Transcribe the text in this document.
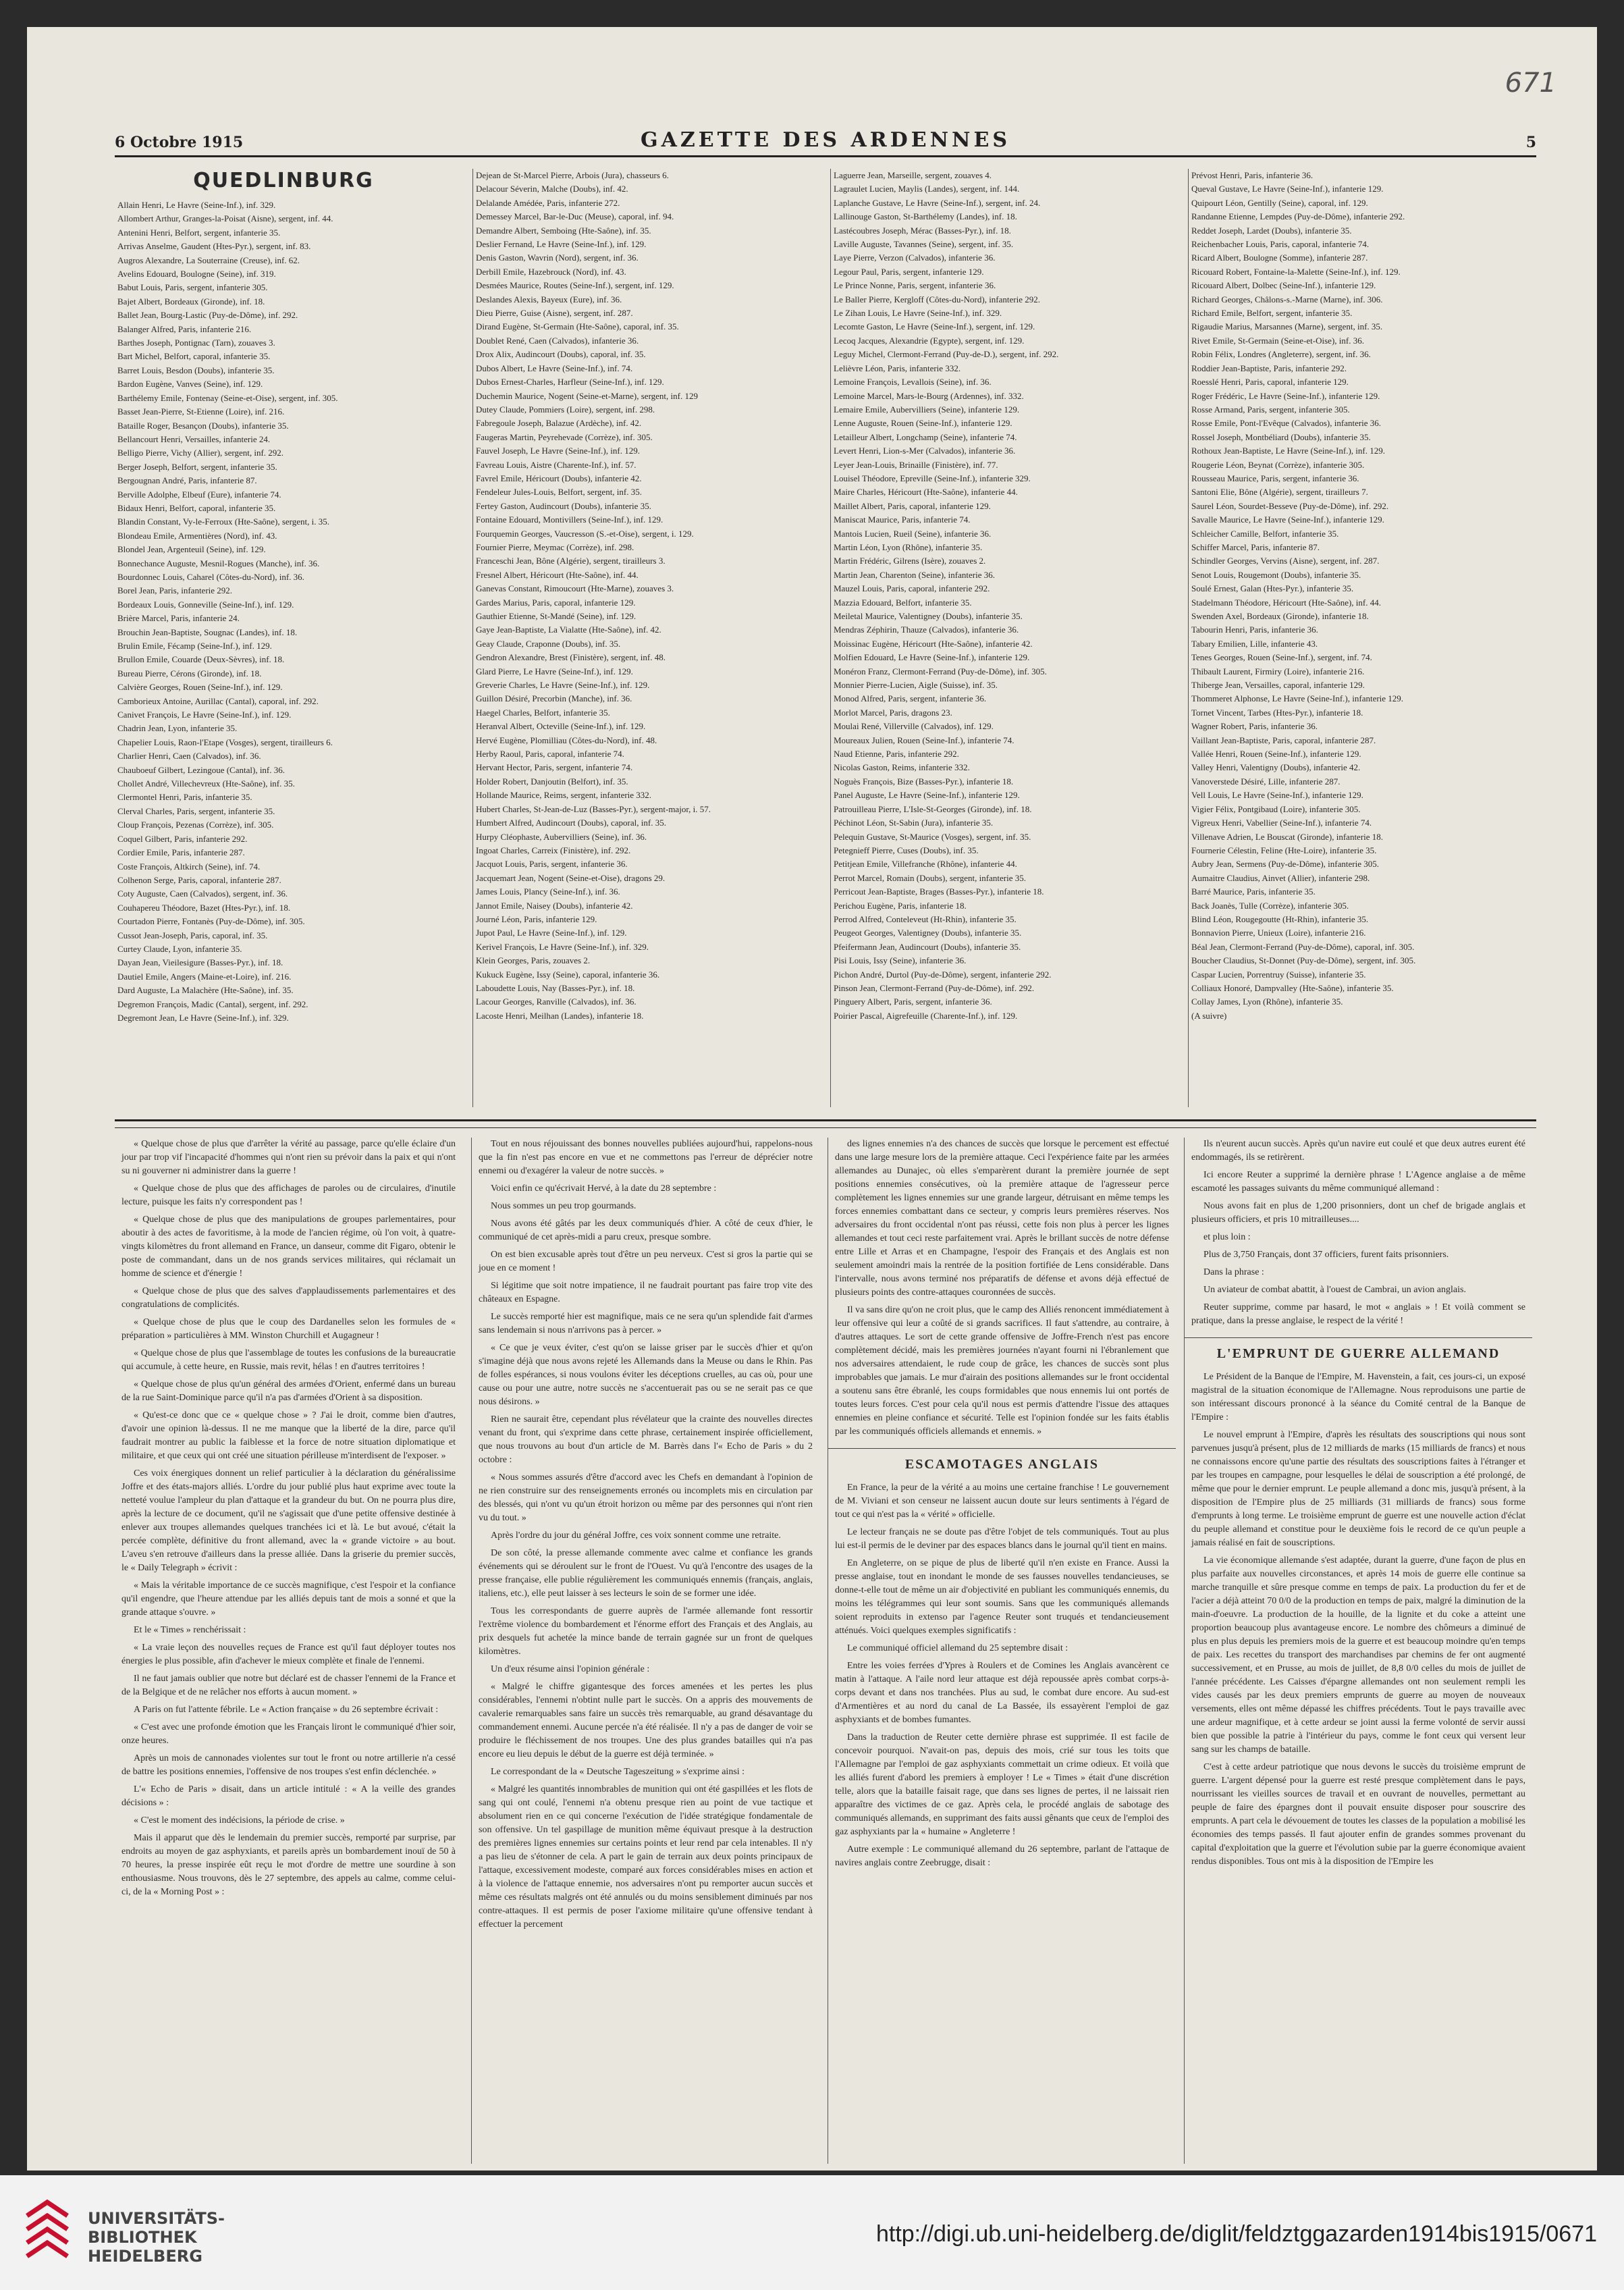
671
6 Octobre 1915	GAZETTE DES ARDENNES	5
QUEDLINBURG
Allain Henri, Le Havre (Seine-Inf.), inf. 329.
Allombert Arthur, Granges-la-Poisat (Aisne), sergent, inf. 44.
Antenini Henri, Belfort, sergent, infanterie 35.
Arrivas Anselme, Gaudent (Htes-Pyr.), sergent, inf. 83.
Augros Alexandre, La Souterraine (Creuse), inf. 62.
Avelins Edouard, Boulogne (Seine), inf. 319.
Babut Louis, Paris, sergent, infanterie 305.
Bajet Albert, Bordeaux (Gironde), inf. 18.
Ballet Jean, Bourg-Lastic (Puy-de-Dôme), inf. 292.
Balanger Alfred, Paris, infanterie 216.
Barthes Joseph, Pontignac (Tarn), zouaves 3.
Bart Michel, Belfort, caporal, infanterie 35.
Barret Louis, Besdon (Doubs), infanterie 35.
Bardon Eugène, Vanves (Seine), inf. 129.
Barthélemy Emile, Fontenay (Seine-et-Oise), sergent, inf. 305.
Basset Jean-Pierre, St-Etienne (Loire), inf. 216.
Bataille Roger, Besançon (Doubs), infanterie 35.
Bellancourt Henri, Versailles, infanterie 24.
Belligo Pierre, Vichy (Allier), sergent, inf. 292.
Berger Joseph, Belfort, sergent, infanterie 35.
Bergougnan André, Paris, infanterie 87.
Berville Adolphe, Elbeuf (Eure), infanterie 74.
Bidaux Henri, Belfort, caporal, infanterie 35.
Blandin Constant, Vy-le-Ferroux (Hte-Saône), sergent, i. 35.
Blondeau Emile, Armentières (Nord), inf. 43.
Blondel Jean, Argenteuil (Seine), inf. 129.
Bonnechance Auguste, Mesnil-Rogues (Manche), inf. 36.
Bourdonnec Louis, Caharel (Côtes-du-Nord), inf. 36.
Borel Jean, Paris, infanterie 292.
Bordeaux Louis, Gonneville (Seine-Inf.), inf. 129.
Brière Marcel, Paris, infanterie 24.
Brouchin Jean-Baptiste, Sougnac (Landes), inf. 18.
Brulin Emile, Fécamp (Seine-Inf.), inf. 129.
Brullon Emile, Couarde (Deux-Sèvres), inf. 18.
Bureau Pierre, Cérons (Gironde), inf. 18.
Calvière Georges, Rouen (Seine-Inf.), inf. 129.
Camborieux Antoine, Aurillac (Cantal), caporal, inf. 292.
Canivet François, Le Havre (Seine-Inf.), inf. 129.
Chadrin Jean, Lyon, infanterie 35.
Chapelier Louis, Raon-l'Etape (Vosges), sergent, tirailleurs 6.
Charlier Henri, Caen (Calvados), inf. 36.
Chauboeuf Gilbert, Lezingoue (Cantal), inf. 36.
Chollet André, Villechevreux (Hte-Saône), inf. 35.
Clermontel Henri, Paris, infanterie 35.
Clerval Charles, Paris, sergent, infanterie 35.
Cloup François, Pezenas (Corrèze), inf. 305.
Coquel Gilbert, Paris, infanterie 292.
Cordier Emile, Paris, infanterie 287.
Coste François, Altkirch (Seine), inf. 74.
Colhenon Serge, Paris, caporal, infanterie 287.
Coty Auguste, Caen (Calvados), sergent, inf. 36.
Couhapereu Théodore, Bazet (Htes-Pyr.), inf. 18.
Courtadon Pierre, Fontanès (Puy-de-Dôme), inf. 305.
Cussot Jean-Joseph, Paris, caporal, inf. 35.
Curtey Claude, Lyon, infanterie 35.
Dayan Jean, Vieilesigure (Basses-Pyr.), inf. 18.
Dautiel Emile, Angers (Maine-et-Loire), inf. 216.
Dard Auguste, La Malachère (Hte-Saône), inf. 35.
Degremon François, Madic (Cantal), sergent, inf. 292.
Degremont Jean, Le Havre (Seine-Inf.), inf. 329.
Dejean de St-Marcel Pierre, Arbois (Jura), chasseurs 6.
Delacour Séverin, Malche (Doubs), inf. 42.
Delalande Amédée, Paris, infanterie 272.
Demessey Marcel, Bar-le-Duc (Meuse), caporal, inf. 94.
Demandre Albert, Semboing (Hte-Saône), inf. 35.
Deslier Fernand, Le Havre (Seine-Inf.), inf. 129.
Denis Gaston, Wavrin (Nord), sergent, inf. 36.
Derbill Emile, Hazebrouck (Nord), inf. 43.
Desmées Maurice, Routes (Seine-Inf.), sergent, inf. 129.
Deslandes Alexis, Bayeux (Eure), inf. 36.
Dieu Pierre, Guise (Aisne), sergent, inf. 287.
Dirand Eugène, St-Germain (Hte-Saône), caporal, inf. 35.
Doublet René, Caen (Calvados), infanterie 36.
Drox Alix, Audincourt (Doubs), caporal, inf. 35.
Dubos Albert, Le Havre (Seine-Inf.), inf. 74.
Dubos Ernest-Charles, Harfleur (Seine-Inf.), inf. 129.
Duchemin Maurice, Nogent (Seine-et-Marne), sergent, inf. 129
Dutey Claude, Pommiers (Loire), sergent, inf. 298.
Fabregoule Joseph, Balazue (Ardèche), inf. 42.
Faugeras Martin, Peyrehevade (Corrèze), inf. 305.
Fauvel Joseph, Le Havre (Seine-Inf.), inf. 129.
Favreau Louis, Aistre (Charente-Inf.), inf. 57.
Favrel Emile, Héricourt (Doubs), infanterie 42.
Fendeleur Jules-Louis, Belfort, sergent, inf. 35.
Fertey Gaston, Audincourt (Doubs), infanterie 35.
Fontaine Edouard, Montivillers (Seine-Inf.), inf. 129.
Fourquemin Georges, Vaucresson (S.-et-Oise), sergent, i. 129.
Fournier Pierre, Meymac (Corrèze), inf. 298.
Franceschi Jean, Bône (Algérie), sergent, tirailleurs 3.
Fresnel Albert, Héricourt (Hte-Saône), inf. 44.
Ganevas Constant, Rimoucourt (Hte-Marne), zouaves 3.
Gardes Marius, Paris, caporal, infanterie 129.
Gauthier Etienne, St-Mandé (Seine), inf. 129.
Gaye Jean-Baptiste, La Vialatte (Hte-Saône), inf. 42.
Geay Claude, Craponne (Doubs), inf. 35.
Gendron Alexandre, Brest (Finistère), sergent, inf. 48.
Glard Pierre, Le Havre (Seine-Inf.), inf. 129.
Greverie Charles, Le Havre (Seine-Inf.), inf. 129.
Guillon Désiré, Precorbin (Manche), inf. 36.
Haegel Charles, Belfort, infanterie 35.
Heranval Albert, Octeville (Seine-Inf.), inf. 129.
Hervé Eugène, Plomilliau (Côtes-du-Nord), inf. 48.
Herby Raoul, Paris, caporal, infanterie 74.
Hervant Hector, Paris, sergent, infanterie 74.
Holder Robert, Danjoutin (Belfort), inf. 35.
Hollande Maurice, Reims, sergent, infanterie 332.
Hubert Charles, St-Jean-de-Luz (Basses-Pyr.), sergent-major, i. 57.
Humbert Alfred, Audincourt (Doubs), caporal, inf. 35.
Hurpy Cléophaste, Aubervilliers (Seine), inf. 36.
Ingoat Charles, Carreix (Finistère), inf. 292.
Jacquot Louis, Paris, sergent, infanterie 36.
Jacquemart Jean, Nogent (Seine-et-Oise), dragons 29.
James Louis, Plancy (Seine-Inf.), inf. 36.
Jannot Emile, Naisey (Doubs), infanterie 42.
Journé Léon, Paris, infanterie 129.
Jupot Paul, Le Havre (Seine-Inf.), inf. 129.
Kerivel François, Le Havre (Seine-Inf.), inf. 329.
Klein Georges, Paris, zouaves 2.
Kukuck Eugène, Issy (Seine), caporal, infanterie 36.
Laboudette Louis, Nay (Basses-Pyr.), inf. 18.
Lacour Georges, Ranville (Calvados), inf. 36.
Lacoste Henri, Meilhan (Landes), infanterie 18.
Laguerre Jean, Marseille, sergent, zouaves 4.
Lagraulet Lucien, Maylis (Landes), sergent, inf. 144.
Laplanche Gustave, Le Havre (Seine-Inf.), sergent, inf. 24.
Lallinouge Gaston, St-Barthélemy (Landes), inf. 18.
Lastécoubres Joseph, Mérac (Basses-Pyr.), inf. 18.
Laville Auguste, Tavannes (Seine), sergent, inf. 35.
Laye Pierre, Verzon (Calvados), infanterie 36.
Legour Paul, Paris, sergent, infanterie 129.
Le Prince Nonne, Paris, sergent, infanterie 36.
Le Baller Pierre, Kergloff (Côtes-du-Nord), infanterie 292.
Le Zihan Louis, Le Havre (Seine-Inf.), inf. 329.
Lecomte Gaston, Le Havre (Seine-Inf.), sergent, inf. 129.
Lecoq Jacques, Alexandrie (Egypte), sergent, inf. 129.
Leguy Michel, Clermont-Ferrand (Puy-de-D.), sergent, inf. 292.
Lelièvre Léon, Paris, infanterie 332.
Lemoine François, Levallois (Seine), inf. 36.
Lemoine Marcel, Mars-le-Bourg (Ardennes), inf. 332.
Lemaire Emile, Aubervilliers (Seine), infanterie 129.
Lenne Auguste, Rouen (Seine-Inf.), infanterie 129.
Letailleur Albert, Longchamp (Seine), infanterie 74.
Levert Henri, Lion-s-Mer (Calvados), infanterie 36.
Leyer Jean-Louis, Brinaille (Finistère), inf. 77.
Louisel Théodore, Epreville (Seine-Inf.), infanterie 329.
Maire Charles, Héricourt (Hte-Saône), infanterie 44.
Maillet Albert, Paris, caporal, infanterie 129.
Maniscat Maurice, Paris, infanterie 74.
Mantois Lucien, Rueil (Seine), infanterie 36.
Martin Léon, Lyon (Rhône), infanterie 35.
Martin Frédéric, Gilrens (Isère), zouaves 2.
Martin Jean, Charenton (Seine), infanterie 36.
Mauzel Louis, Paris, caporal, infanterie 292.
Mazzia Edouard, Belfort, infanterie 35.
Meiletal Maurice, Valentigney (Doubs), infanterie 35.
Mendras Zéphirin, Thauze (Calvados), infanterie 36.
Moissinac Eugène, Héricourt (Hte-Saône), infanterie 42.
Molfien Edouard, Le Havre (Seine-Inf.), infanterie 129.
Monéron Franz, Clermont-Ferrand (Puy-de-Dôme), inf. 305.
Monnier Pierre-Lucien, Aigle (Suisse), inf. 35.
Monod Alfred, Paris, sergent, infanterie 36.
Morlot Marcel, Paris, dragons 23.
Moulai René, Villerville (Calvados), inf. 129.
Moureaux Julien, Rouen (Seine-Inf.), infanterie 74.
Naud Etienne, Paris, infanterie 292.
Nicolas Gaston, Reims, infanterie 332.
Noguès François, Bize (Basses-Pyr.), infanterie 18.
Panel Auguste, Le Havre (Seine-Inf.), infanterie 129.
Patrouilleau Pierre, L'Isle-St-Georges (Gironde), inf. 18.
Péchinot Léon, St-Sabin (Jura), infanterie 35.
Pelequin Gustave, St-Maurice (Vosges), sergent, inf. 35.
Petegnieff Pierre, Cuses (Doubs), inf. 35.
Petitjean Emile, Villefranche (Rhône), infanterie 44.
Perrot Marcel, Romain (Doubs), sergent, infanterie 35.
Perricout Jean-Baptiste, Brages (Basses-Pyr.), infanterie 18.
Perichou Eugène, Paris, infanterie 18.
Perrod Alfred, Conteleveut (Ht-Rhin), infanterie 35.
Peugeot Georges, Valentigney (Doubs), infanterie 35.
Pfeifermann Jean, Audincourt (Doubs), infanterie 35.
Pisi Louis, Issy (Seine), infanterie 36.
Pichon André, Durtol (Puy-de-Dôme), sergent, infanterie 292.
Pinson Jean, Clermont-Ferrand (Puy-de-Dôme), inf. 292.
Pinguery Albert, Paris, sergent, infanterie 36.
Poirier Pascal, Aigrefeuille (Charente-Inf.), inf. 129.
Prévost Henri, Paris, infanterie 36.
Queval Gustave, Le Havre (Seine-Inf.), infanterie 129.
Quipourt Léon, Gentilly (Seine), caporal, inf. 129.
Randanne Etienne, Lempdes (Puy-de-Dôme), infanterie 292.
Reddet Joseph, Lardet (Doubs), infanterie 35.
Reichenbacher Louis, Paris, caporal, infanterie 74.
Ricard Albert, Boulogne (Somme), infanterie 287.
Ricouard Robert, Fontaine-la-Malette (Seine-Inf.), inf. 129.
Ricouard Albert, Dolbec (Seine-Inf.), infanterie 129.
Richard Georges, Châlons-s.-Marne (Marne), inf. 306.
Richard Emile, Belfort, sergent, infanterie 35.
Rigaudie Marius, Marsannes (Marne), sergent, inf. 35.
Rivet Emile, St-Germain (Seine-et-Oise), inf. 36.
Robin Félix, Londres (Angleterre), sergent, inf. 36.
Roddier Jean-Baptiste, Paris, infanterie 292.
Roesslé Henri, Paris, caporal, infanterie 129.
Roger Frédéric, Le Havre (Seine-Inf.), infanterie 129.
Rosse Armand, Paris, sergent, infanterie 305.
Rosse Emile, Pont-l'Evêque (Calvados), infanterie 36.
Rossel Joseph, Montbéliard (Doubs), infanterie 35.
Rothoux Jean-Baptiste, Le Havre (Seine-Inf.), inf. 129.
Rougerie Léon, Beynat (Corrèze), infanterie 305.
Rousseau Maurice, Paris, sergent, infanterie 36.
Santoni Elie, Bône (Algérie), sergent, tirailleurs 7.
Saurel Léon, Sourdet-Besseve (Puy-de-Dôme), inf. 292.
Savalle Maurice, Le Havre (Seine-Inf.), infanterie 129.
Schleicher Camille, Belfort, infanterie 35.
Schiffer Marcel, Paris, infanterie 87.
Schindler Georges, Vervins (Aisne), sergent, inf. 287.
Senot Louis, Rougemont (Doubs), infanterie 35.
Soulé Ernest, Galan (Htes-Pyr.), infanterie 35.
Stadelmann Théodore, Héricourt (Hte-Saône), inf. 44.
Swenden Axel, Bordeaux (Gironde), infanterie 18.
Tabourin Henri, Paris, infanterie 36.
Tabary Emilien, Lille, infanterie 43.
Tenes Georges, Rouen (Seine-Inf.), sergent, inf. 74.
Thibault Laurent, Firmiry (Loire), infanterie 216.
Thiberge Jean, Versailles, caporal, infanterie 129.
Thommeret Alphonse, Le Havre (Seine-Inf.), infanterie 129.
Tornet Vincent, Tarbes (Htes-Pyr.), infanterie 18.
Wagner Robert, Paris, infanterie 36.
Vaillant Jean-Baptiste, Paris, caporal, infanterie 287.
Vallée Henri, Rouen (Seine-Inf.), infanterie 129.
Valley Henri, Valentigny (Doubs), infanterie 42.
Vanoverstede Désiré, Lille, infanterie 287.
Vell Louis, Le Havre (Seine-Inf.), infanterie 129.
Vigier Félix, Pontgibaud (Loire), infanterie 305.
Vigreux Henri, Vabellier (Seine-Inf.), infanterie 74.
Villenave Adrien, Le Bouscat (Gironde), infanterie 18.
Fournerie Célestin, Feline (Hte-Loire), infanterie 35.
Aubry Jean, Sermens (Puy-de-Dôme), infanterie 305.
Aumaitre Claudius, Ainvet (Allier), infanterie 298.
Barré Maurice, Paris, infanterie 35.
Back Joanès, Tulle (Corrèze), infanterie 305.
Blind Léon, Rougegoutte (Ht-Rhin), infanterie 35.
Bonnavion Pierre, Unieux (Loire), infanterie 216.
Béal Jean, Clermont-Ferrand (Puy-de-Dôme), caporal, inf. 305.
Boucher Claudius, St-Donnet (Puy-de-Dôme), sergent, inf. 305.
Caspar Lucien, Porrentruy (Suisse), infanterie 35.
Colliaux Honoré, Dampvalley (Hte-Saône), infanterie 35.
Collay James, Lyon (Rhône), infanterie 35.
(A suivre)

« Quelque chose de plus que d'arrêter la vérité au passage, parce qu'elle éclaire d'un jour par trop vif l'incapacité d'hommes qui n'ont rien su prévoir dans la paix et qui n'ont su ni gouverner ni administrer dans la guerre !

« Quelque chose de plus que des affichages de paroles ou de circulaires, d'inutile lecture, puisque les faits n'y correspondent pas !

« Quelque chose de plus que des manipulations de groupes parlementaires, pour aboutir à des actes de favoritisme, à la mode de l'ancien régime, où l'on voit, à quatre-vingts kilomètres du front allemand en France, un danseur, comme dit Figaro, obtenir le poste de commandant, dans un de nos grands services militaires, qui réclamait un homme de science et d'énergie !

« Quelque chose de plus que des salves d'applaudissements parlementaires et des congratulations de complicités.

« Quelque chose de plus que le coup des Dardanelles selon les formules de « préparation » particulières à MM. Winston Churchill et Augagneur !

« Quelque chose de plus que l'assemblage de toutes les confusions de la bureaucratie qui accumule, à cette heure, en Russie, mais revit, hélas ! en d'autres territoires !

« Quelque chose de plus qu'un général des armées d'Orient, enfermé dans un bureau de la rue Saint-Dominique parce qu'il n'a pas d'armées d'Orient à sa disposition.

« Qu'est-ce donc que ce « quelque chose » ? J'ai le droit, comme bien d'autres, d'avoir une opinion là-dessus. Il ne me manque que la liberté de la dire, parce qu'il faudrait montrer au public la faiblesse et la force de notre situation diplomatique et militaire, et que ceux qui ont créé une situation périlleuse m'interdisent de l'exposer. »

Ces voix énergiques donnent un relief particulier à la déclaration du généralissime Joffre et des états-majors alliés. L'ordre du jour publié plus haut exprime avec toute la netteté voulue l'ampleur du plan d'attaque et la grandeur du but. On ne pourra plus dire, après la lecture de ce document, qu'il ne s'agissait que d'une petite offensive destinée à enlever aux troupes allemandes quelques tranchées ici et là. Le but avoué, c'était la percée complète, définitive du front allemand, avec la « grande victoire » au bout. L'aveu s'en retrouve d'ailleurs dans la presse alliée. Dans la griserie du premier succès, le « Daily Telegraph » écrivit :

« Mais la véritable importance de ce succès magnifique, c'est l'espoir et la confiance qu'il engendre, que l'heure attendue par les alliés depuis tant de mois a sonné et que la grande attaque s'ouvre. »

Et le « Times » renchérissait :

« La vraie leçon des nouvelles reçues de France est qu'il faut déployer toutes nos énergies le plus possible, afin d'achever le mieux complète et finale de l'ennemi.

Il ne faut jamais oublier que notre but déclaré est de chasser l'ennemi de la France et de la Belgique et de ne relâcher nos efforts à aucun moment. »

A Paris on fut l'attente fébrile. Le « Action française » du 26 septembre écrivait :

« C'est avec une profonde émotion que les Français liront le communiqué d'hier soir, onze heures.

Après un mois de cannonades violentes sur tout le front ou notre artillerie n'a cessé de battre les positions ennemies, l'offensive de nos troupes s'est enfin déclenchée. »

L'« Echo de Paris » disait, dans un article intitulé : « A la veille des grandes décisions » :

« C'est le moment des indécisions, la période de crise. »

Mais il apparut que dès le lendemain du premier succès, remporté par surprise, par endroits au moyen de gaz asphyxiants, et pareils après un bombardement inouï de 50 à 70 heures, la presse inspirée eût reçu le mot d'ordre de mettre une sourdine à son enthousiasme. Nous trouvons, dès le 27 septembre, des appels au calme, comme celui-ci, de la « Morning Post » :

Tout en nous réjouissant des bonnes nouvelles publiées aujourd'hui, rappelons-nous que la fin n'est pas encore en vue et ne commettons pas l'erreur de déprécier notre ennemi ou d'exagérer la valeur de notre succès. »

Voici enfin ce qu'écrivait Hervé, à la date du 28 septembre :

Nous sommes un peu trop gourmands.

Nous avons été gâtés par les deux communiqués d'hier. A côté de ceux d'hier, le communiqué de cet après-midi a paru creux, presque sombre.

On est bien excusable après tout d'être un peu nerveux. C'est si gros la partie qui se joue en ce moment !

Si légitime que soit notre impatience, il ne faudrait pourtant pas faire trop vite des châteaux en Espagne.

Le succès remporté hier est magnifique, mais ce ne sera qu'un splendide fait d'armes sans lendemain si nous n'arrivons pas à percer. »

« Ce que je veux éviter, c'est qu'on se laisse griser par le succès d'hier et qu'on s'imagine déjà que nous avons rejeté les Allemands dans la Meuse ou dans le Rhin. Pas de folles espérances, si nous voulons éviter les déceptions cruelles, au cas où, pour une cause ou pour une autre, notre succès ne s'accentuerait pas ou se ne serait pas ce que nous désirons. »

Rien ne saurait être, cependant plus révélateur que la crainte des nouvelles directes venant du front, qui s'exprime dans cette phrase, certainement inspirée officiellement, que nous trouvons au bout d'un article de M. Barrès dans l'« Echo de Paris » du 2 octobre :

« Nous sommes assurés d'être d'accord avec les Chefs en demandant à l'opinion de ne rien construire sur des renseignements erronés ou incomplets mis en circulation par des blessés, qui n'ont vu qu'un étroit horizon ou même par des personnes qui n'ont rien vu du tout. »

Après l'ordre du jour du général Joffre, ces voix sonnent comme une retraite.

De son côté, la presse allemande commente avec calme et confiance les grands événements qui se déroulent sur le front de l'Ouest. Vu qu'à l'encontre des usages de la presse française, elle publie régulièrement les communiqués ennemis (français, anglais, italiens, etc.), elle peut laisser à ses lecteurs le soin de se former une idée.

Tous les correspondants de guerre auprès de l'armée allemande font ressortir l'extrême violence du bombardement et l'énorme effort des Français et des Anglais, au prix desquels fut achetée la mince bande de terrain gagnée sur un front de quelques kilomètres.

Un d'eux résume ainsi l'opinion générale :

« Malgré le chiffre gigantesque des forces amenées et les pertes les plus considérables, l'ennemi n'obtint nulle part le succès. On a appris des mouvements de cavalerie remarquables sans faire un succès très remarquable, au grand désavantage du commandement ennemi. Aucune percée n'a été réalisée. Il n'y a pas de danger de voir se produire le fléchissement de nos troupes. Une des plus grandes batailles qui n'a pas encore eu lieu depuis le début de la guerre est déjà terminée. »

Le correspondant de la « Deutsche Tageszeitung » s'exprime ainsi :

« Malgré les quantités innombrables de munition qui ont été gaspillées et les flots de sang qui ont coulé, l'ennemi n'a obtenu presque rien au point de vue tactique et absolument rien en ce qui concerne l'exécution de l'idée stratégique fondamentale de son offensive. Un tel gaspillage de munition même équivaut presque à la destruction des premières lignes ennemies sur certains points et leur rend par cela intenables. Il n'y a pas lieu de s'étonner de cela. A part le gain de terrain aux deux points principaux de l'attaque, excessivement modeste, comparé aux forces considérables mises en action et à la violence de l'attaque ennemie, nos adversaires n'ont pu remporter aucun succès et même ces résultats malgrés ont été annulés ou du moins sensiblement diminués par nos contre-attaques. Il est permis de poser l'axiome militaire qu'une offensive tendant à effectuer la percement

des lignes ennemies n'a des chances de succès que lorsque le percement est effectué dans une large mesure lors de la première attaque. Ceci l'expérience faite par les armées allemandes au Dunajec, où elles s'emparèrent durant la première journée de sept positions ennemies consécutives, où la première attaque de l'agresseur perce complètement les lignes ennemies sur une grande largeur, détruisant en même temps les forces ennemies combattant dans ce secteur, y compris leurs premières réserves. Nos adversaires du front occidental n'ont pas réussi, cette fois non plus à percer les lignes allemandes et tout ceci reste parfaitement vrai. Après le brillant succès de notre défense entre Lille et Arras et en Champagne, l'espoir des Français et des Anglais est non seulement amoindri mais la rentrée de la position fortifiée de Lens considérable. Dans l'intervalle, nous avons terminé nos préparatifs de défense et avons déjà effectué de plusieurs points des contre-attaques couronnées de succès.

Il va sans dire qu'on ne croit plus, que le camp des Alliés renoncent immédiatement à leur offensive qui leur a coûté de si grands sacrifices. Il faut s'attendre, au contraire, à d'autres attaques. Le sort de cette grande offensive de Joffre-French n'est pas encore complètement décidé, mais les premières journées n'ayant fourni ni l'ébranlement que nos adversaires attendaient, le rude coup de grâce, les chances de succès sont plus improbables que jamais. Le mur d'airain des positions allemandes sur le front occidental a soutenu sans être ébranlé, les coups formidables que nous ennemis lui ont portés de toutes leurs forces. C'est pour cela qu'il nous est permis d'attendre l'issue des attaques ennemies en pleine confiance et sécurité. Telle est l'opinion fondée sur les faits établis par les communiqués officiels allemands et ennemis. »

ESCAMOTAGES ANGLAIS

En France, la peur de la vérité a au moins une certaine franchise ! Le gouvernement de M. Viviani et son censeur ne laissent aucun doute sur leurs sentiments à l'égard de tout ce qui n'est pas la « vérité » officielle.

Le lecteur français ne se doute pas d'être l'objet de tels communiqués. Tout au plus lui est-il permis de le deviner par des espaces blancs dans le journal qu'il tient en mains.

En Angleterre, on se pique de plus de liberté qu'il n'en existe en France. Aussi la presse anglaise, tout en inondant le monde de ses fausses nouvelles tendancieuses, se donne-t-elle tout de même un air d'objectivité en publiant les communiqués ennemis, du moins les télégrammes qui leur sont soumis. Sans que les communiqués allemands soient reproduits in extenso par l'agence Reuter sont truqués et tendancieusement atténués. Voici quelques exemples significatifs :

Le communiqué officiel allemand du 25 septembre disait :

Entre les voies ferrées d'Ypres à Roulers et de Comines les Anglais avancèrent ce matin à l'attaque. A l'aile nord leur attaque est déjà repoussée après combat corps-à-corps devant et dans nos tranchées. Plus au sud, le combat dure encore. Au sud-est d'Armentières et au nord du canal de La Bassée, ils essayèrent l'emploi de gaz asphyxiants et de bombes fumantes.

Dans la traduction de Reuter cette dernière phrase est supprimée. Il est facile de concevoir pourquoi. N'avait-on pas, depuis des mois, crié sur tous les toits que l'Allemagne par l'emploi de gaz asphyxiants commettait un crime odieux. Et voilà que les alliés furent d'abord les premiers à employer ! Le « Times » était d'une discrétion telle, alors que la bataille faisait rage, que dans ses lignes de pertes, il ne laissait rien apparaître des victimes de ce gaz. Après cela, le procédé anglais de sabotage des communiqués allemands, en supprimant des faits aussi gênants que ceux de l'emploi des gaz asphyxiants par la « humaine » Angleterre !

Autre exemple : Le communiqué allemand du 26 septembre, parlant de l'attaque de navires anglais contre Zeebrugge, disait :

Ils n'eurent aucun succès. Après qu'un navire eut coulé et que deux autres eurent été endommagés, ils se retirèrent.

Ici encore Reuter a supprimé la dernière phrase ! L'Agence anglaise a de même escamoté les passages suivants du même communiqué allemand :

Nous avons fait en plus de 1,200 prisonniers, dont un chef de brigade anglais et plusieurs officiers, et pris 10 mitrailleuses....

et plus loin :

Plus de 3,750 Français, dont 37 officiers, furent faits prisonniers.

Dans la phrase :

Un aviateur de combat abattit, à l'ouest de Cambrai, un avion anglais.

Reuter supprime, comme par hasard, le mot « anglais » ! Et voilà comment se pratique, dans la presse anglaise, le respect de la vérité !

L'EMPRUNT DE GUERRE ALLEMAND

Le Président de la Banque de l'Empire, M. Havenstein, a fait, ces jours-ci, un exposé magistral de la situation économique de l'Allemagne. Nous reproduisons une partie de son intéressant discours prononcé à la séance du Comité central de la Banque de l'Empire :

Le nouvel emprunt à l'Empire, d'après les résultats des souscriptions qui nous sont parvenues jusqu'à présent, plus de 12 milliards de marks (15 milliards de francs) et nous ne connaissons encore qu'une partie des résultats des souscriptions faites à l'étranger et par les troupes en campagne, pour lesquelles le délai de souscription a été prolongé, de même que pour le dernier emprunt. Le peuple allemand a donc mis, jusqu'à présent, à la disposition de l'Empire plus de 25 milliards (31 milliards de francs) sous forme d'emprunts à long terme. Le troisième emprunt de guerre est une nouvelle action d'éclat du peuple allemand et constitue pour le deuxième fois le record de ce qu'un peuple a jamais réalisé en fait de souscriptions.

La vie économique allemande s'est adaptée, durant la guerre, d'une façon de plus en plus parfaite aux nouvelles circonstances, et après 14 mois de guerre elle continue sa marche tranquille et sûre presque comme en temps de paix. La production du fer et de l'acier a déjà atteint 70 0/0 de la production en temps de paix, malgré la diminution de la main-d'oeuvre. La production de la houille, de la lignite et du coke a atteint une proportion beaucoup plus avantageuse encore. Le nombre des chômeurs a diminué de plus en plus depuis les premiers mois de la guerre et est beaucoup moindre qu'en temps de paix. Les recettes du transport des marchandises par chemins de fer ont augmenté successivement, et en Prusse, au mois de juillet, de 8,8 0/0 celles du mois de juillet de l'année précédente. Les Caisses d'épargne allemandes ont non seulement rempli les vides causés par les deux premiers emprunts de guerre au moyen de nouveaux versements, elles ont même dépassé les chiffres précédents. Tout le pays travaille avec une ardeur magnifique, et à cette ardeur se joint aussi la ferme volonté de servir aussi bien que possible la patrie à l'intérieur du pays, comme le font ceux qui versent leur sang sur les champs de bataille.

C'est à cette ardeur patriotique que nous devons le succès du troisième emprunt de guerre. L'argent dépensé pour la guerre est resté presque complètement dans le pays, nourrissant les vieilles sources de travail et en ouvrant de nouvelles, permettant au peuple de faire des épargnes dont il pouvait ensuite disposer pour souscrire des emprunts. A part cela le dévouement de toutes les classes de la population a mobilisé les économies des temps passés. Il faut ajouter enfin de grandes sommes provenant du capital d'exploitation que la guerre et l'évolution subie par la guerre économique avaient rendus disponibles. Tous ont mis à la disposition de l'Empire les

UNIVERSITÄTS-
BIBLIOTHEK
HEIDELBERG
http://digi.ub.uni-heidelberg.de/diglit/feldztggazarden1914bis1915/0671
